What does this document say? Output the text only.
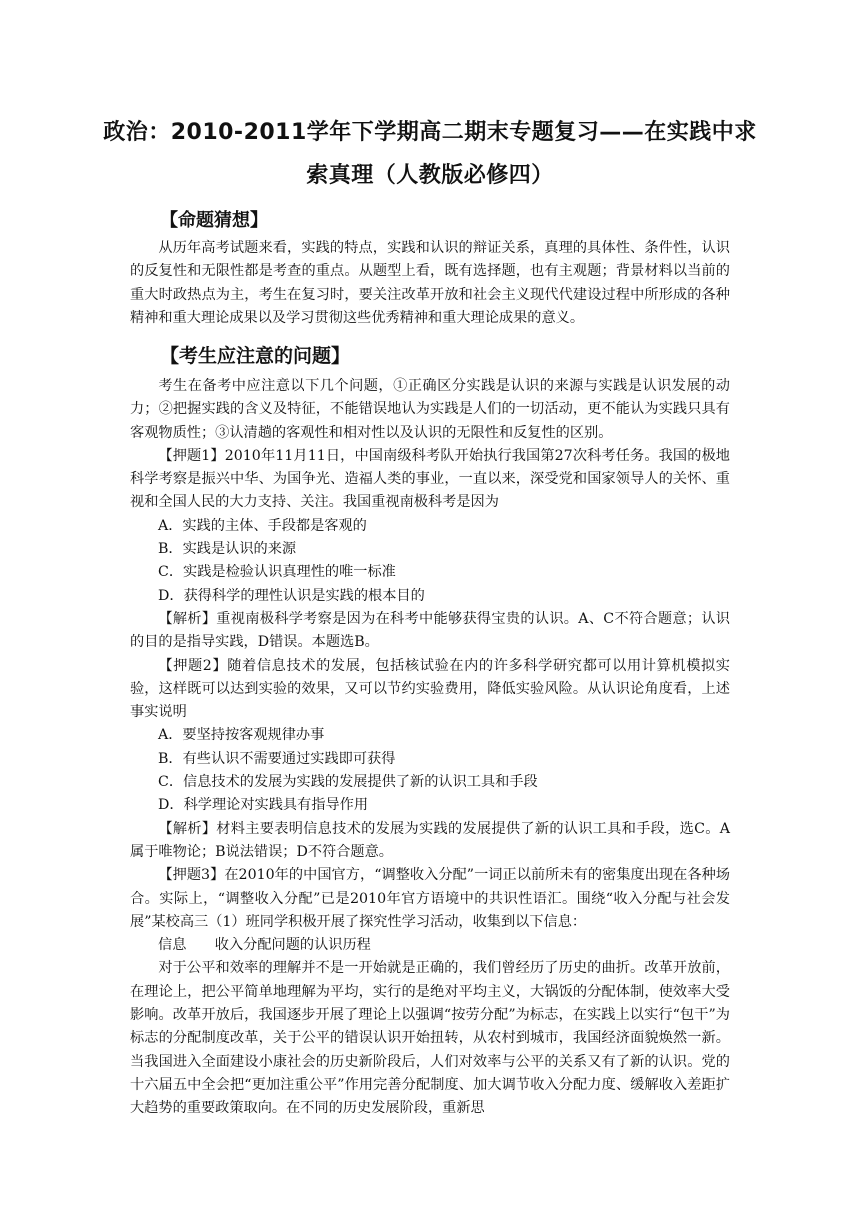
政治：2010-2011学年下学期高二期末专题复习——在实践中求
索真理（人教版必修四）
【命题猜想】

从历年高考试题来看，实践的特点，实践和认识的辩证关系，真理的具体性、条件性，认识的反复性和无限性都是考查的重点。从题型上看，既有选择题，也有主观题；背景材料以当前的重大时政热点为主，考生在复习时，要关注改革开放和社会主义现代代建设过程中所形成的各种精神和重大理论成果以及学习贯彻这些优秀精神和重大理论成果的意义。

【考生应注意的问题】

考生在备考中应注意以下几个问题，①正确区分实践是认识的来源与实践是认识发展的动力；②把握实践的含义及特征，不能错误地认为实践是人们的一切活动，更不能认为实践只具有客观物质性；③认清趟的客观性和相对性以及认识的无限性和反复性的区别。

【押题1】2010年11月11日，中国南级科考队开始执行我国第27次科考任务。我国的极地科学考察是振兴中华、为国争光、造福人类的事业，一直以来，深受党和国家领导人的关怀、重视和全国人民的大力支持、关注。我国重视南极科考是因为

A．实践的主体、手段都是客观的

B．实践是认识的来源

C．实践是检验认识真理性的唯一标准

D．获得科学的理性认识是实践的根本目的

【解析】重视南极科学考察是因为在科考中能够获得宝贵的认识。A、C不符合题意；认识的目的是指导实践，D错误。本题选B。

【押题2】随着信息技术的发展，包括核试验在内的许多科学研究都可以用计算机模拟实验，这样既可以达到实验的效果，又可以节约实验费用，降低实验风险。从认识论角度看，上述事实说明

A．要坚持按客观规律办事

B．有些认识不需要通过实践即可获得

C．信息技术的发展为实践的发展提供了新的认识工具和手段

D．科学理论对实践具有指导作用

【解析】材料主要表明信息技术的发展为实践的发展提供了新的认识工具和手段，选C。A属于唯物论；B说法错误；D不符合题意。

【押题3】在2010年的中国官方，“调整收入分配”一词正以前所未有的密集度出现在各种场合。实际上，“调整收入分配”已是2010年官方语境中的共识性语汇。围绕“收入分配与社会发展”某校高三（1）班同学积极开展了探究性学习活动，收集到以下信息：

信息　　收入分配问题的认识历程

对于公平和效率的理解并不是一开始就是正确的，我们曾经历了历史的曲折。改革开放前，在理论上，把公平简单地理解为平均，实行的是绝对平均主义，大锅饭的分配体制，使效率大受影响。改革开放后，我国逐步开展了理论上以强调“按劳分配”为标志，在实践上以实行“包干”为标志的分配制度改革，关于公平的错误认识开始扭转，从农村到城市，我国经济面貌焕然一新。当我国进入全面建设小康社会的历史新阶段后，人们对效率与公平的关系又有了新的认识。党的十六届五中全会把“更加注重公平”作用完善分配制度、加大调节收入分配力度、缓解收入差距扩大趋势的重要政策取向。在不同的历史发展阶段，重新思
